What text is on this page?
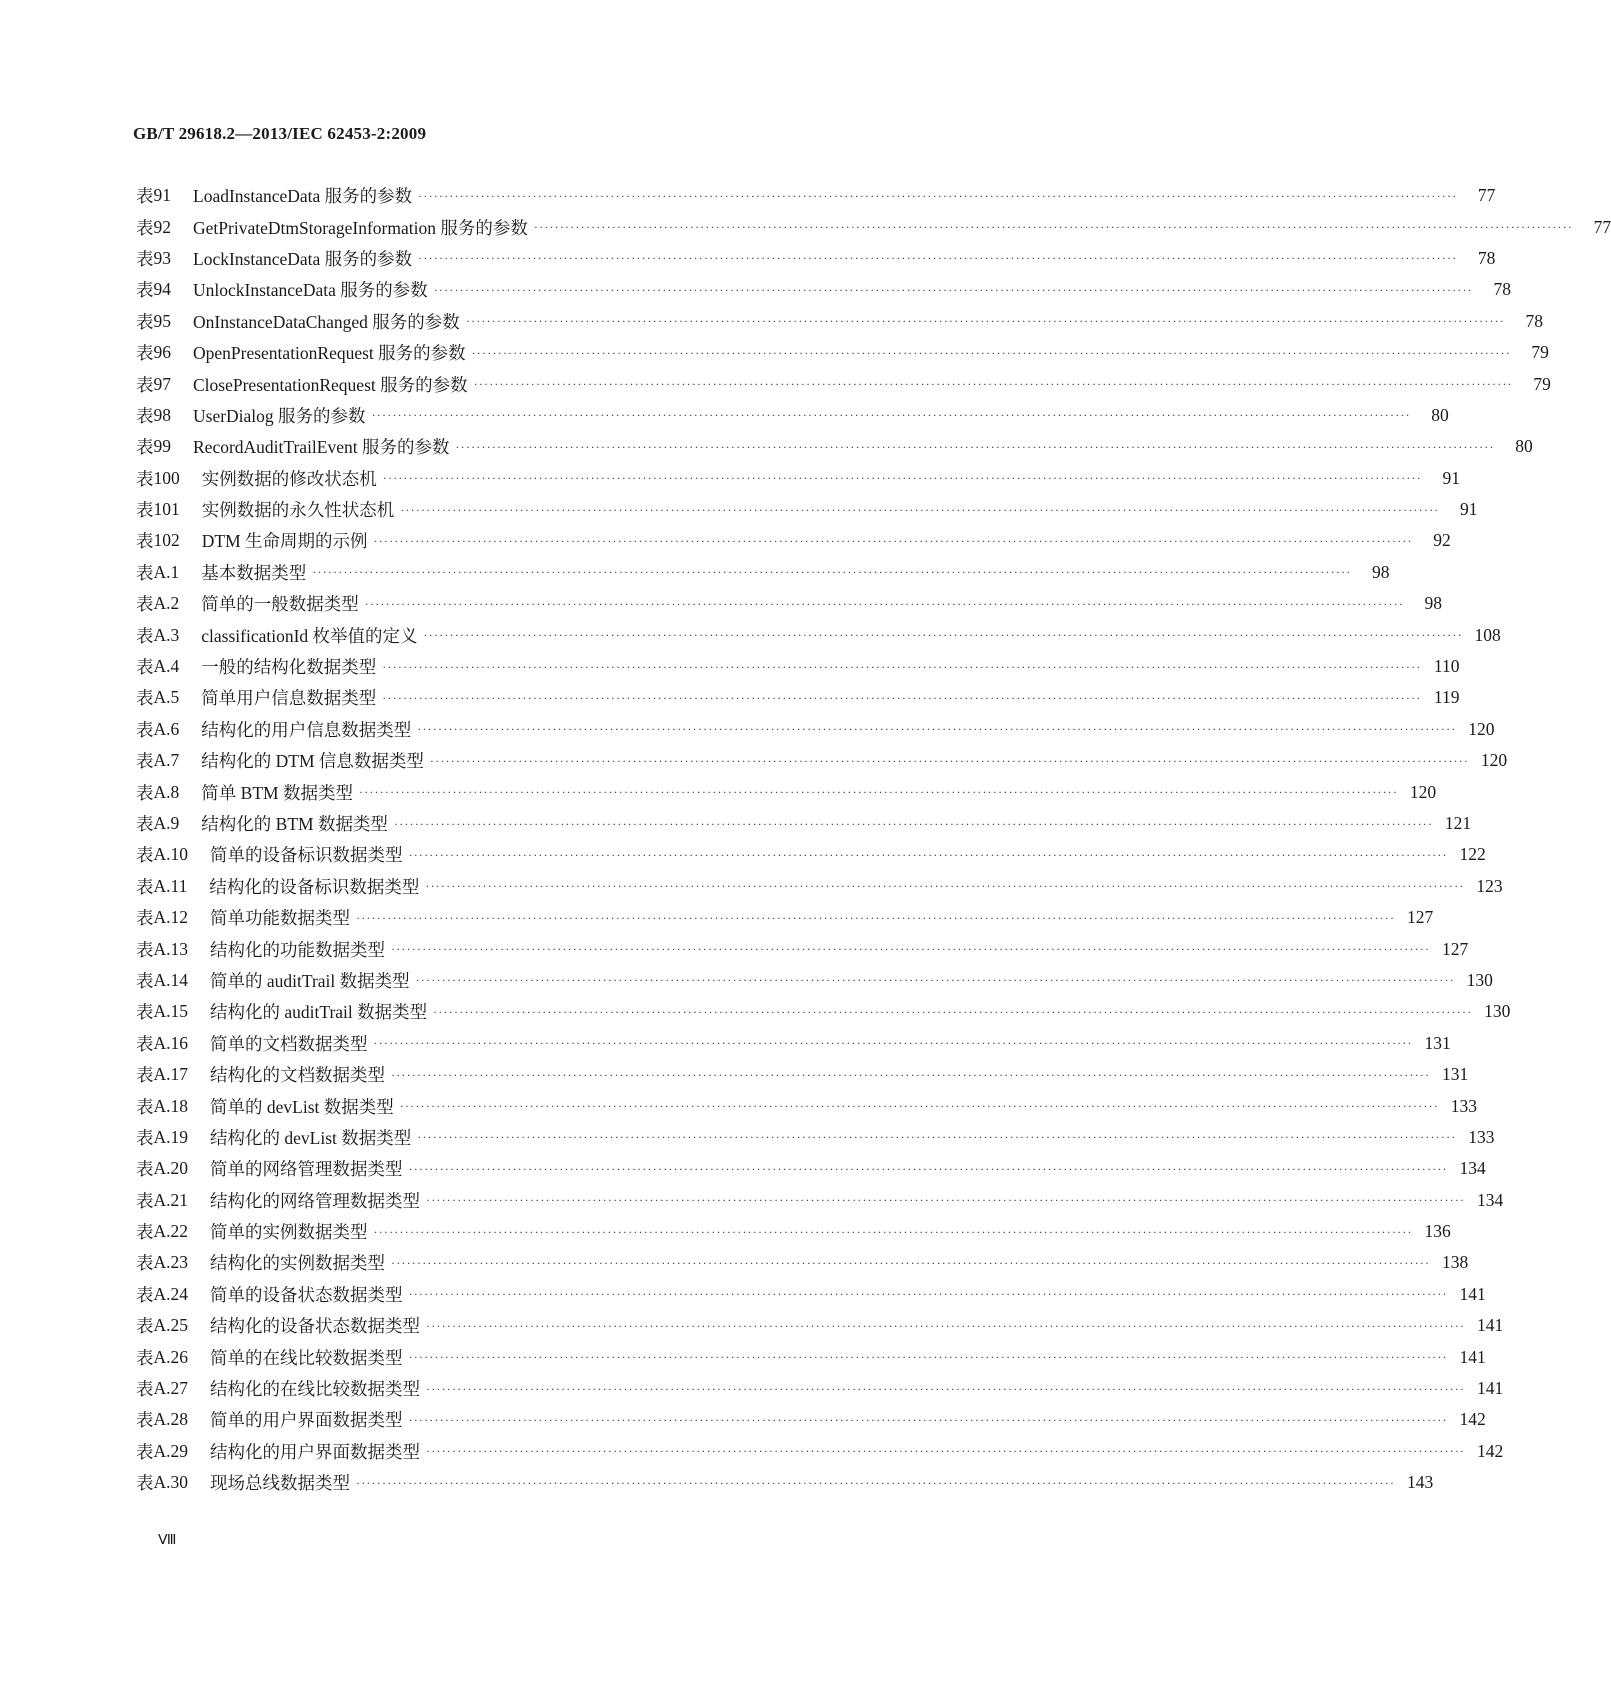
GB/T 29618.2—2013/IEC 62453-2:2009
表 91	LoadInstanceData 服务的参数 ········································································································································································································	77
表 92	GetPrivateDtmStorageInformation 服务的参数 ········································································································································································································	77
表 93	LockInstanceData 服务的参数 ········································································································································································································	78
表 94	UnlockInstanceData 服务的参数 ········································································································································································································	78
表 95	OnInstanceDataChanged 服务的参数 ········································································································································································································	78
表 96	OpenPresentationRequest 服务的参数 ········································································································································································································	79
表 97	ClosePresentationRequest 服务的参数 ········································································································································································································	79
表 98	UserDialog 服务的参数 ········································································································································································································	80
表 99	RecordAuditTrailEvent 服务的参数 ········································································································································································································	80
表 100	实例数据的修改状态机 ········································································································································································································	91
表 101	实例数据的永久性状态机 ········································································································································································································	91
表 102	DTM 生命周期的示例 ········································································································································································································	92
表 A.1	基本数据类型 ········································································································································································································	98
表 A.2	简单的一般数据类型 ········································································································································································································	98
表 A.3	classificationId 枚举值的定义 ········································································································································································································ 108
表 A.4	一般的结构化数据类型 ········································································································································································································ 110
表 A.5	简单用户信息数据类型 ········································································································································································································ 119
表 A.6	结构化的用户信息数据类型 ········································································································································································································ 120
表 A.7	结构化的 DTM 信息数据类型 ········································································································································································································ 120
表 A.8	简单 BTM 数据类型 ········································································································································································································ 120
表 A.9	结构化的 BTM 数据类型 ········································································································································································································ 121
表 A.10	简单的设备标识数据类型 ········································································································································································································ 122
表 A.11	结构化的设备标识数据类型 ········································································································································································································ 123
表 A.12	简单功能数据类型 ········································································································································································································ 127
表 A.13	结构化的功能数据类型 ········································································································································································································ 127
表 A.14	简单的 auditTrail 数据类型 ········································································································································································································ 130
表 A.15	结构化的 auditTrail 数据类型 ········································································································································································································ 130
表 A.16	简单的文档数据类型 ········································································································································································································ 131
表 A.17	结构化的文档数据类型 ········································································································································································································ 131
表 A.18	简单的 devList 数据类型 ········································································································································································································ 133
表 A.19	结构化的 devList 数据类型 ········································································································································································································ 133
表 A.20	简单的网络管理数据类型 ········································································································································································································ 134
表 A.21	结构化的网络管理数据类型 ········································································································································································································ 134
表 A.22	简单的实例数据类型 ········································································································································································································ 136
表 A.23	结构化的实例数据类型 ········································································································································································································ 138
表 A.24	简单的设备状态数据类型 ········································································································································································································ 141
表 A.25	结构化的设备状态数据类型 ········································································································································································································ 141
表 A.26	简单的在线比较数据类型 ········································································································································································································ 141
表 A.27	结构化的在线比较数据类型 ········································································································································································································ 141
表 A.28	简单的用户界面数据类型 ········································································································································································································ 142
表 A.29	结构化的用户界面数据类型 ········································································································································································································ 142
表 A.30	现场总线数据类型 ········································································································································································································ 143
Ⅷ
